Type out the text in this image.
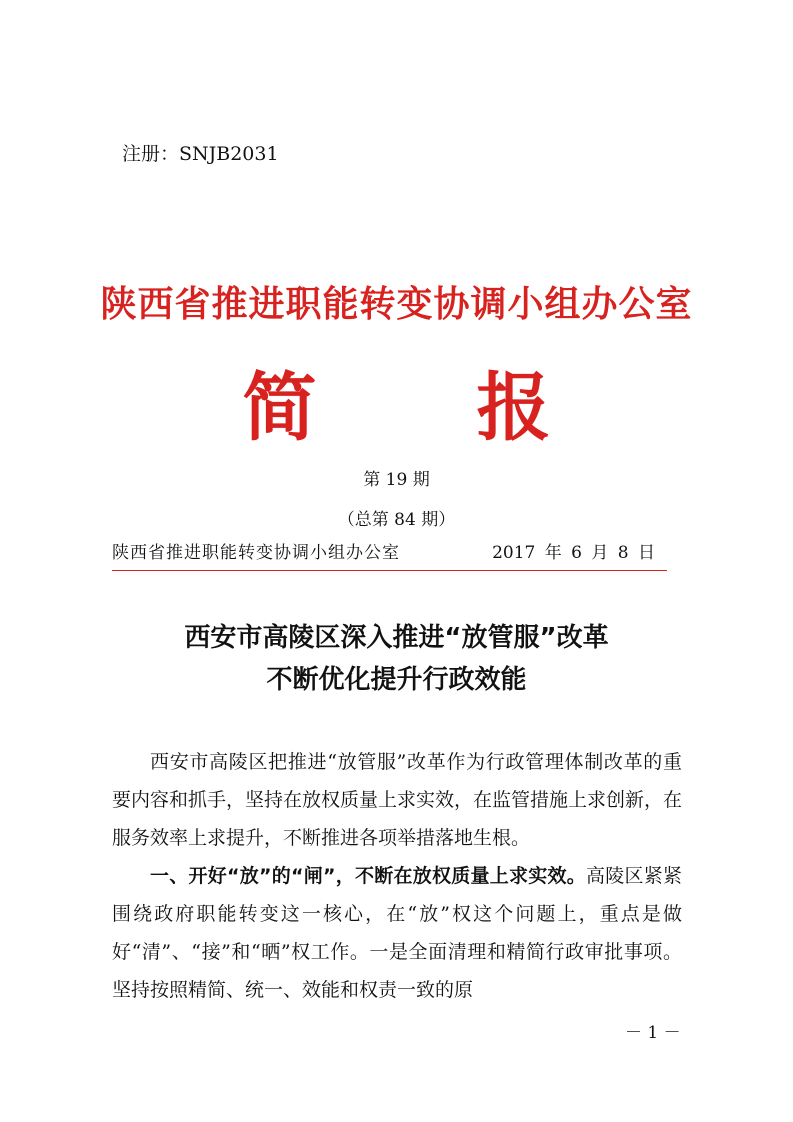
注册：SNJB2031
陕西省推进职能转变协调小组办公室
简 报
第 19 期
（总第 84 期）
陕西省推进职能转变协调小组办公室	2017 年 6 月 8 日
西安市高陵区深入推进“放管服”改革
不断优化提升行政效能

西安市高陵区把推进“放管服”改革作为行政管理体制改革的重要内容和抓手，坚持在放权质量上求实效，在监管措施上求创新，在服务效率上求提升，不断推进各项举措落地生根。

一、开好“放”的“闸”，不断在放权质量上求实效。高陵区紧紧围绕政府职能转变这一核心，在“放”权这个问题上，重点是做好“清”、“接”和“晒”权工作。一是全面清理和精简行政审批事项。坚持按照精简、统一、效能和权责一致的原

－ 1 －
